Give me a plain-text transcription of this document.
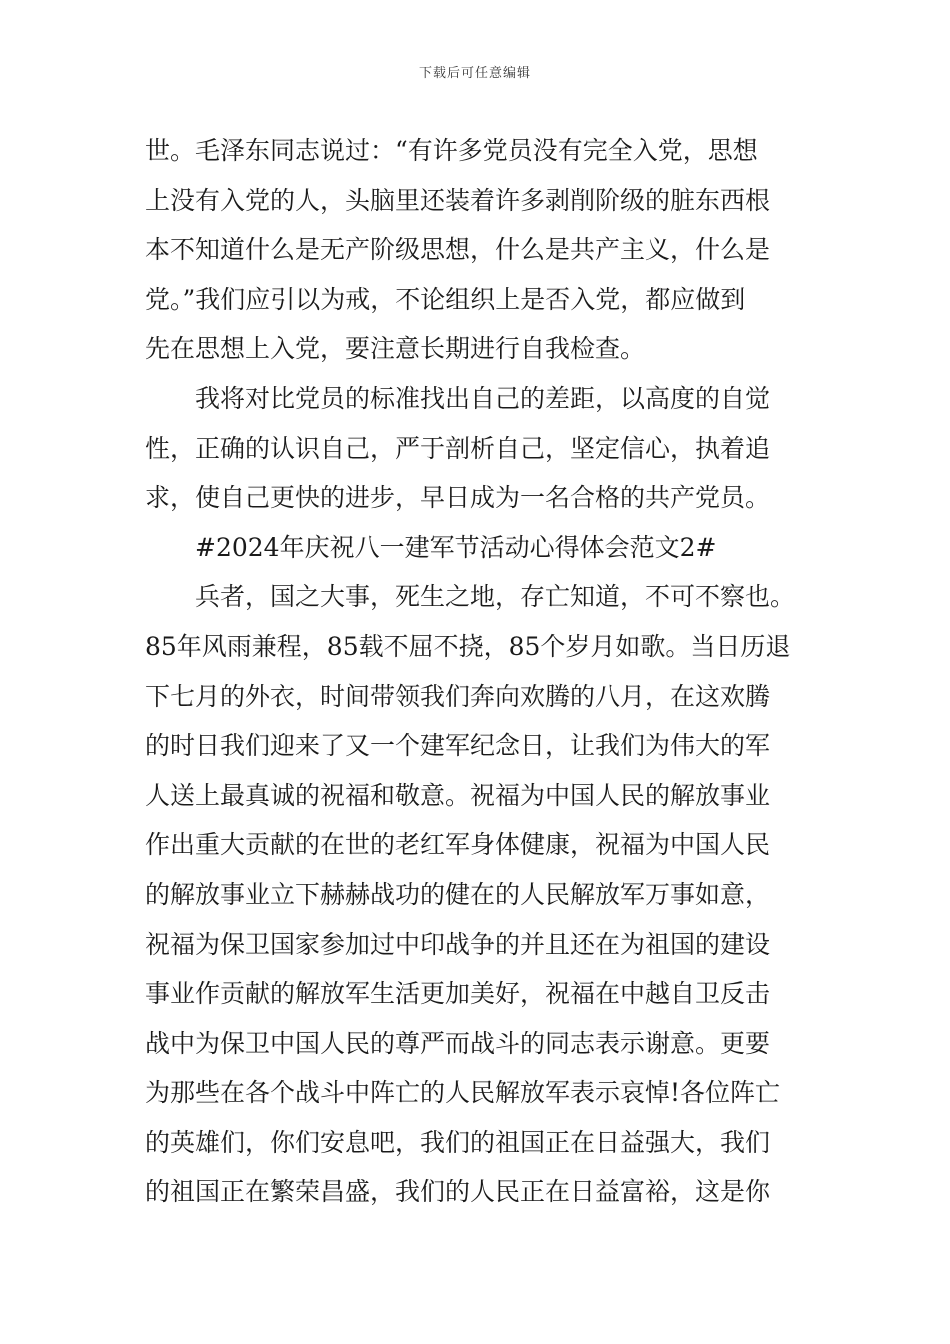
下载后可任意编辑
世。毛泽东同志说过：“有许多党员没有完全入党，思想
上没有入党的人，头脑里还装着许多剥削阶级的脏东西根
本不知道什么是无产阶级思想，什么是共产主义，什么是
党。”我们应引以为戒，不论组织上是否入党，都应做到
先在思想上入党，要注意长期进行自我检查。
我将对比党员的标准找出自己的差距，以高度的自觉
性，正确的认识自己，严于剖析自己，坚定信心，执着追
求，使自己更快的进步，早日成为一名合格的共产党员。
#2024年庆祝八一建军节活动心得体会范文2#
兵者，国之大事，死生之地，存亡知道，不可不察也。
85年风雨兼程，85载不屈不挠，85个岁月如歌。当日历退
下七月的外衣，时间带领我们奔向欢腾的八月，在这欢腾
的时日我们迎来了又一个建军纪念日，让我们为伟大的军
人送上最真诚的祝福和敬意。祝福为中国人民的解放事业
作出重大贡献的在世的老红军身体健康，祝福为中国人民
的解放事业立下赫赫战功的健在的人民解放军万事如意，
祝福为保卫国家参加过中印战争的并且还在为祖国的建设
事业作贡献的解放军生活更加美好，祝福在中越自卫反击
战中为保卫中国人民的尊严而战斗的同志表示谢意。更要
为那些在各个战斗中阵亡的人民解放军表示哀悼!各位阵亡
的英雄们，你们安息吧，我们的祖国正在日益强大，我们
的祖国正在繁荣昌盛，我们的人民正在日益富裕，这是你
